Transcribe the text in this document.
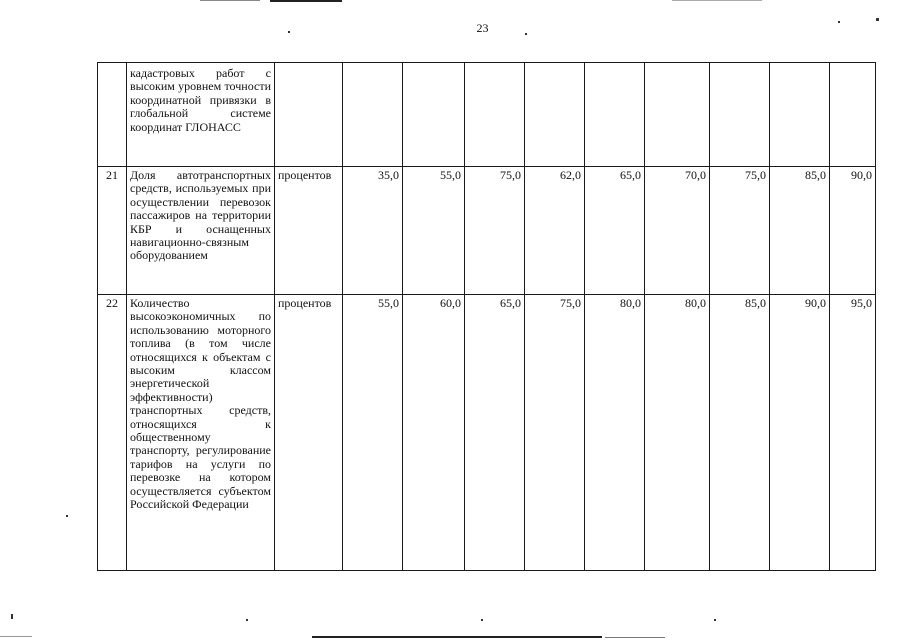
23
	кадастровых работ с высоким уровнем точности координатной привязки в глобальной системе координат ГЛОНАСС										
21	Доля автотранспортных средств, используемых при осуществлении перевозок пассажиров на территории КБР и оснащенных навигационно-связным оборудованием	процентов	35,0	55,0	75,0	62,0	65,0	70,0	75,0	85,0	90,0
22	Количество высокоэкономичных по использованию моторного топлива (в том числе относящихся к объектам с высоким классом энергетической эффективности) транспортных средств, относящихся к общественному транспорту, регулирование тарифов на услуги по перевозке на котором осуществляется субъектом Российской Федерации	процентов	55,0	60,0	65,0	75,0	80,0	80,0	85,0	90,0	95,0
